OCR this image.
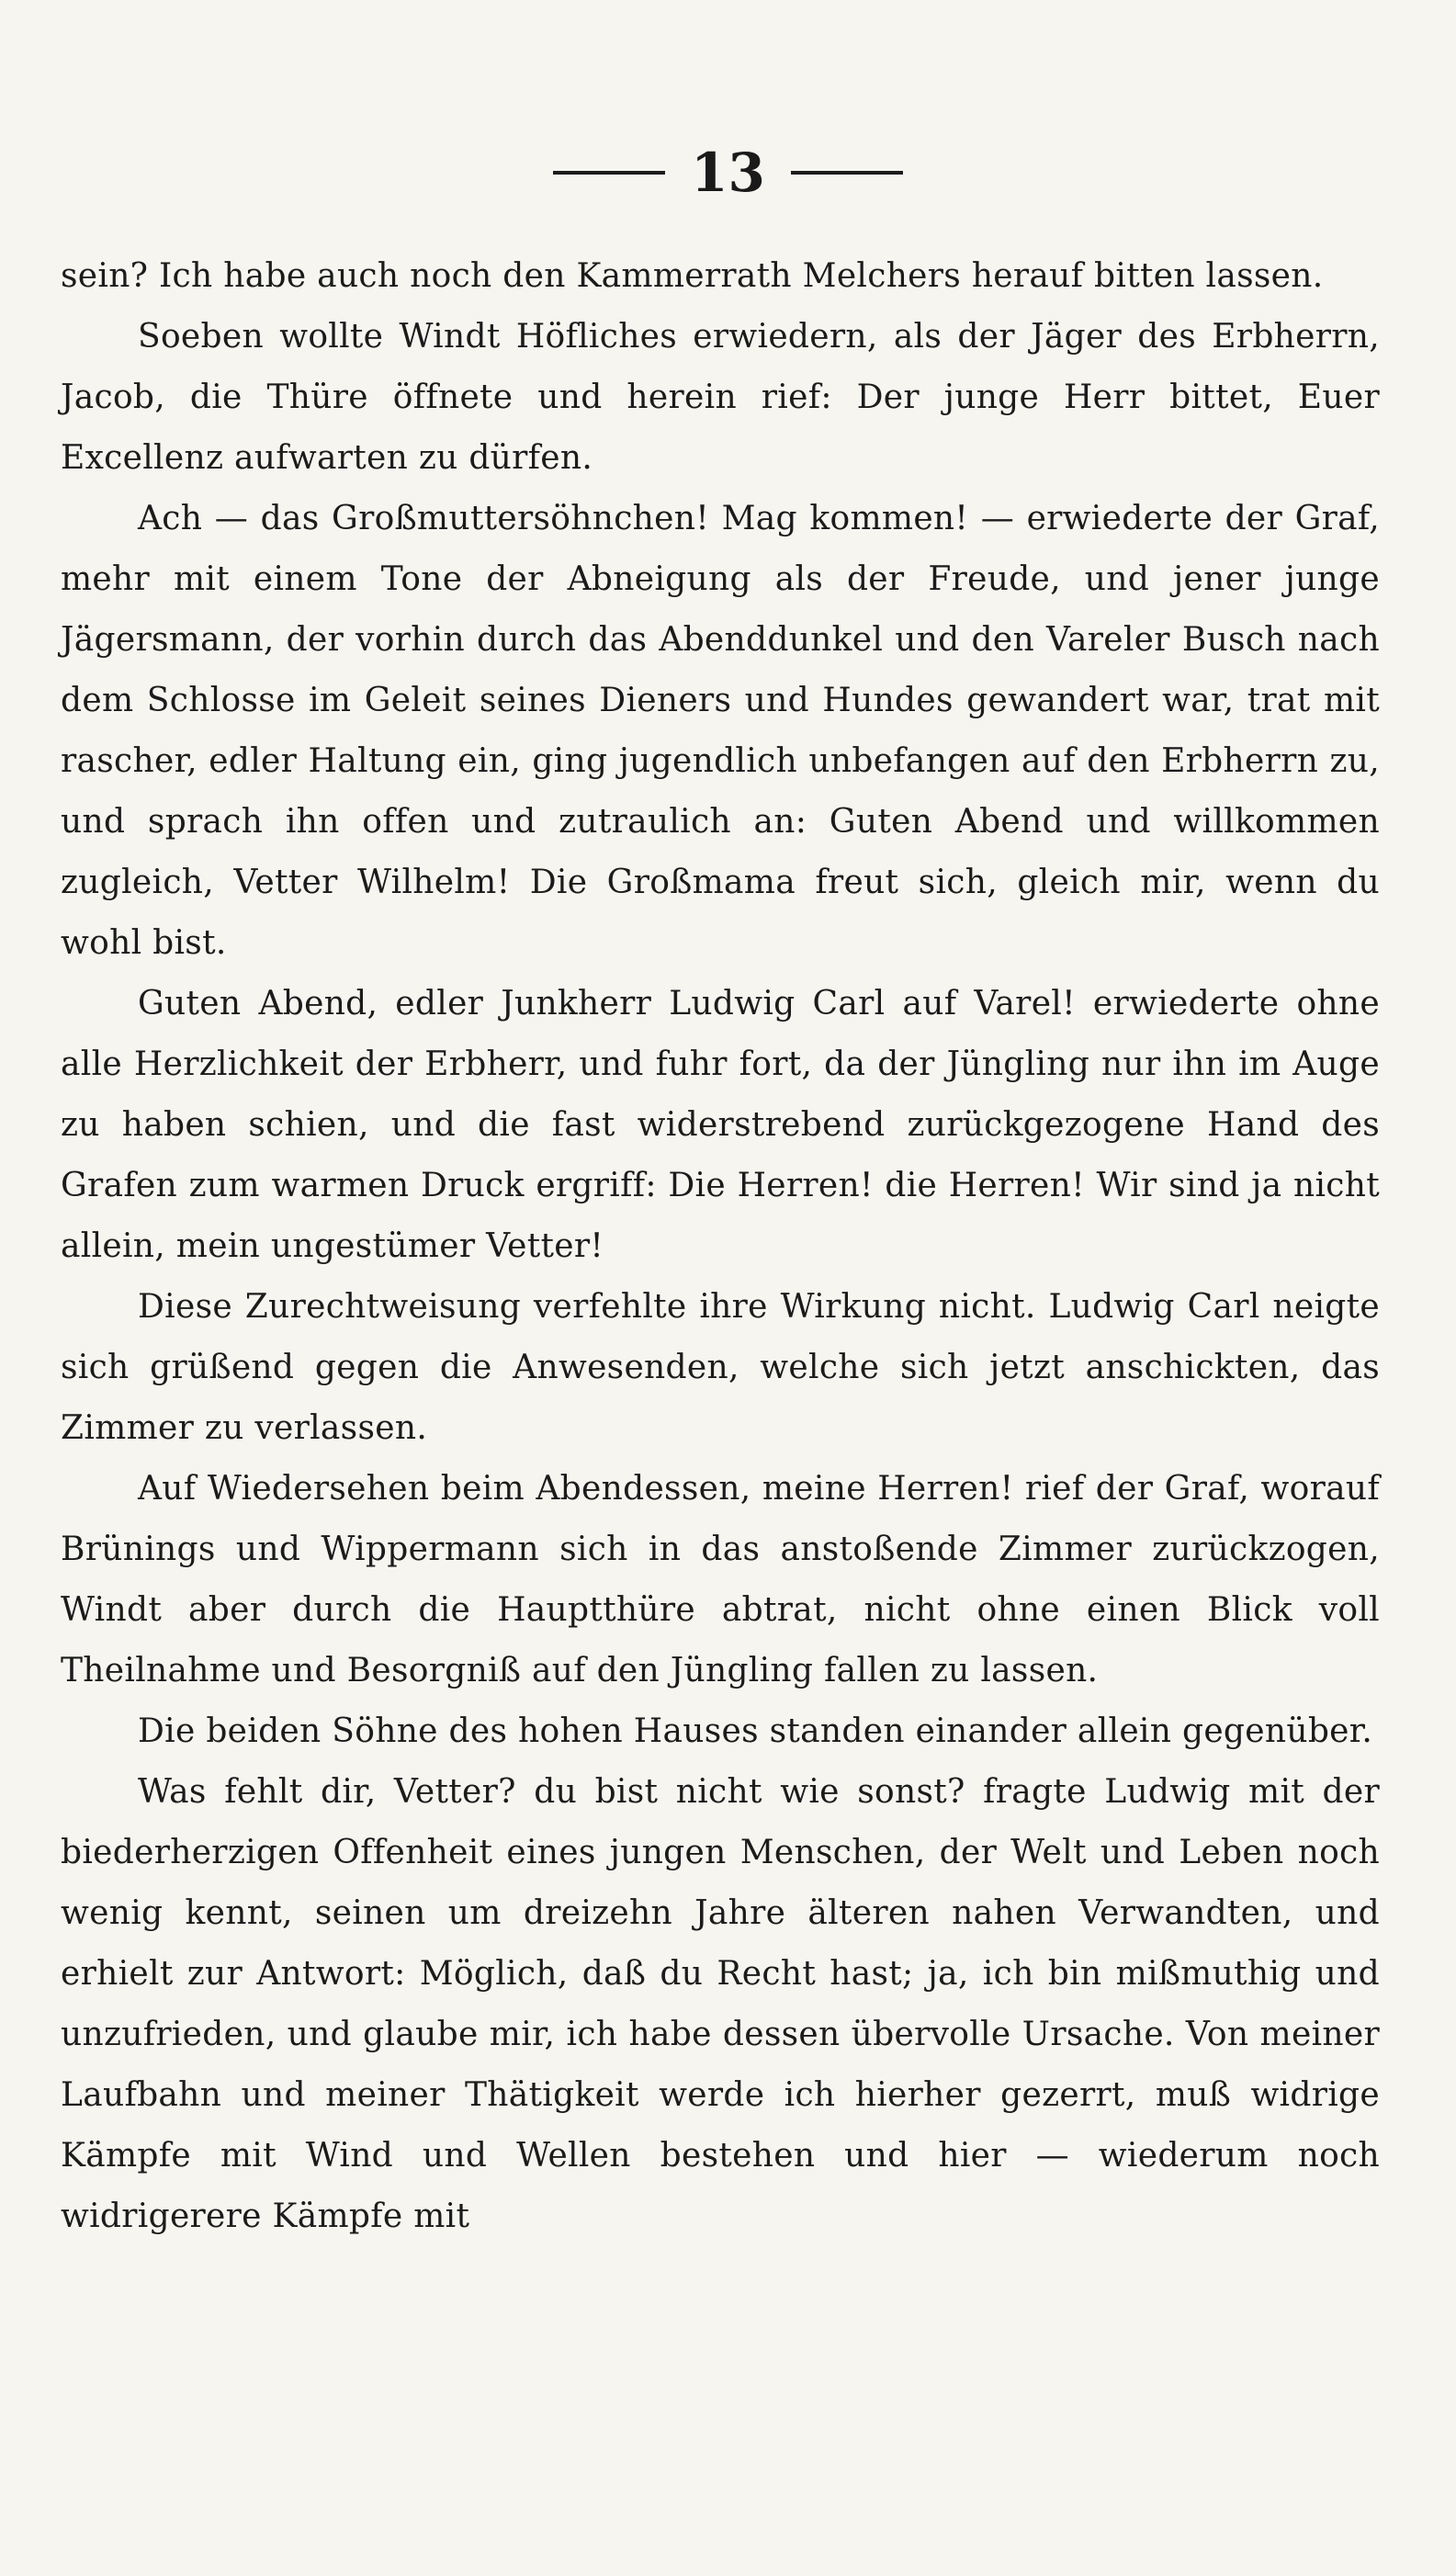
13

sein? Ich habe auch noch den Kammerrath Melchers herauf bitten lassen.

Soeben wollte Windt Höfliches erwiedern, als der Jäger des Erbherrn, Jacob, die Thüre öffnete und herein rief: Der junge Herr bittet, Euer Excellenz aufwarten zu dürfen.

Ach — das Großmuttersöhnchen! Mag kommen! — erwiederte der Graf, mehr mit einem Tone der Abneigung als der Freude, und jener junge Jägersmann, der vorhin durch das Abenddunkel und den Vareler Busch nach dem Schlosse im Geleit seines Dieners und Hundes gewandert war, trat mit rascher, edler Haltung ein, ging jugendlich unbefangen auf den Erbherrn zu, und sprach ihn offen und zutraulich an: Guten Abend und willkommen zugleich, Vetter Wilhelm! Die Großmama freut sich, gleich mir, wenn du wohl bist.

Guten Abend, edler Junkherr Ludwig Carl auf Varel! erwiederte ohne alle Herzlichkeit der Erbherr, und fuhr fort, da der Jüngling nur ihn im Auge zu haben schien, und die fast widerstrebend zurückgezogene Hand des Grafen zum warmen Druck ergriff: Die Herren! die Herren! Wir sind ja nicht allein, mein ungestümer Vetter!

Diese Zurechtweisung verfehlte ihre Wirkung nicht. Ludwig Carl neigte sich grüßend gegen die Anwesenden, welche sich jetzt anschickten, das Zimmer zu verlassen.

Auf Wiedersehen beim Abendessen, meine Herren! rief der Graf, worauf Brünings und Wippermann sich in das anstoßende Zimmer zurückzogen, Windt aber durch die Hauptthüre abtrat, nicht ohne einen Blick voll Theilnahme und Besorgniß auf den Jüngling fallen zu lassen.

Die beiden Söhne des hohen Hauses standen einander allein gegenüber.

Was fehlt dir, Vetter? du bist nicht wie sonst? fragte Ludwig mit der biederherzigen Offenheit eines jungen Menschen, der Welt und Leben noch wenig kennt, seinen um dreizehn Jahre älteren nahen Verwandten, und erhielt zur Antwort: Möglich, daß du Recht hast; ja, ich bin mißmuthig und unzufrieden, und glaube mir, ich habe dessen übervolle Ursache. Von meiner Laufbahn und meiner Thätigkeit werde ich hierher gezerrt, muß widrige Kämpfe mit Wind und Wellen bestehen und hier — wiederum noch widrigerere Kämpfe mit
